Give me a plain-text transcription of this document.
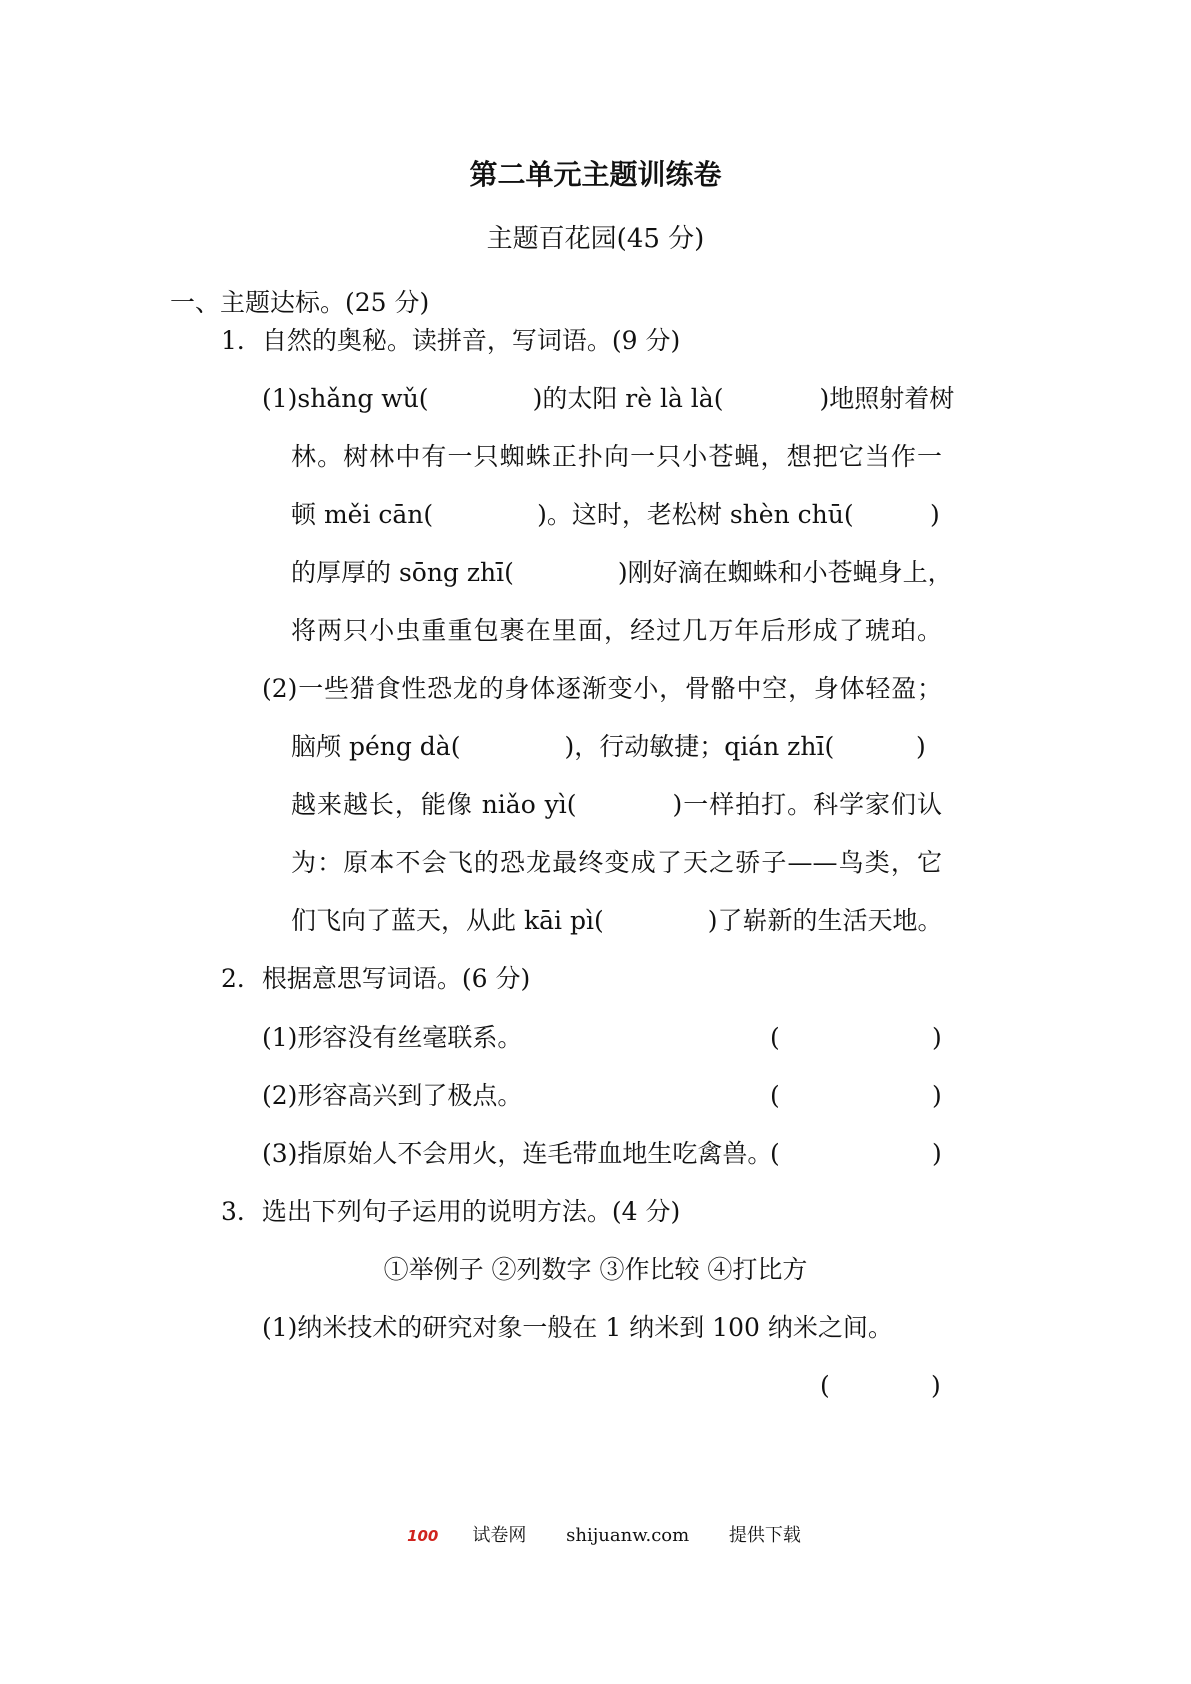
第二单元主题训练卷
主题百花园(45 分)
一、主题达标。(25 分)
1．自然的奥秘。读拼音，写词语。(9 分)
(1)shǎng wǔ(	)的太阳 rè là là(	)地照射着树
林。树林中有一只蜘蛛正扑向一只小苍蝇，想把它当作一
顿 měi cān(	)。这时，老松树 shèn chū(	)
的厚厚的 sōng zhī(	)刚好滴在蜘蛛和小苍蝇身上，
将两只小虫重重包裹在里面，经过几万年后形成了琥珀。
(2)一些猎食性恐龙的身体逐渐变小，骨骼中空，身体轻盈；
脑颅 péng dà(	)，行动敏捷；qián zhī(	)
越来越长，能像 niǎo yì(	)一样拍打。科学家们认
为：原本不会飞的恐龙最终变成了天之骄子——鸟类，它
们飞向了蓝天，从此 kāi pì(	)了崭新的生活天地。
2．根据意思写词语。(6 分)
(1)形容没有丝毫联系。	(	)
(2)形容高兴到了极点。	(	)
(3)指原始人不会用火，连毛带血地生吃禽兽。
(	)
3．选出下列句子运用的说明方法。(4 分)
①举例子 ②列数字 ③作比较 ④打比方
(1)纳米技术的研究对象一般在 1 纳米到 100 纳米之间。
(	)
100 试卷网 shijuanw.com 提供下载
